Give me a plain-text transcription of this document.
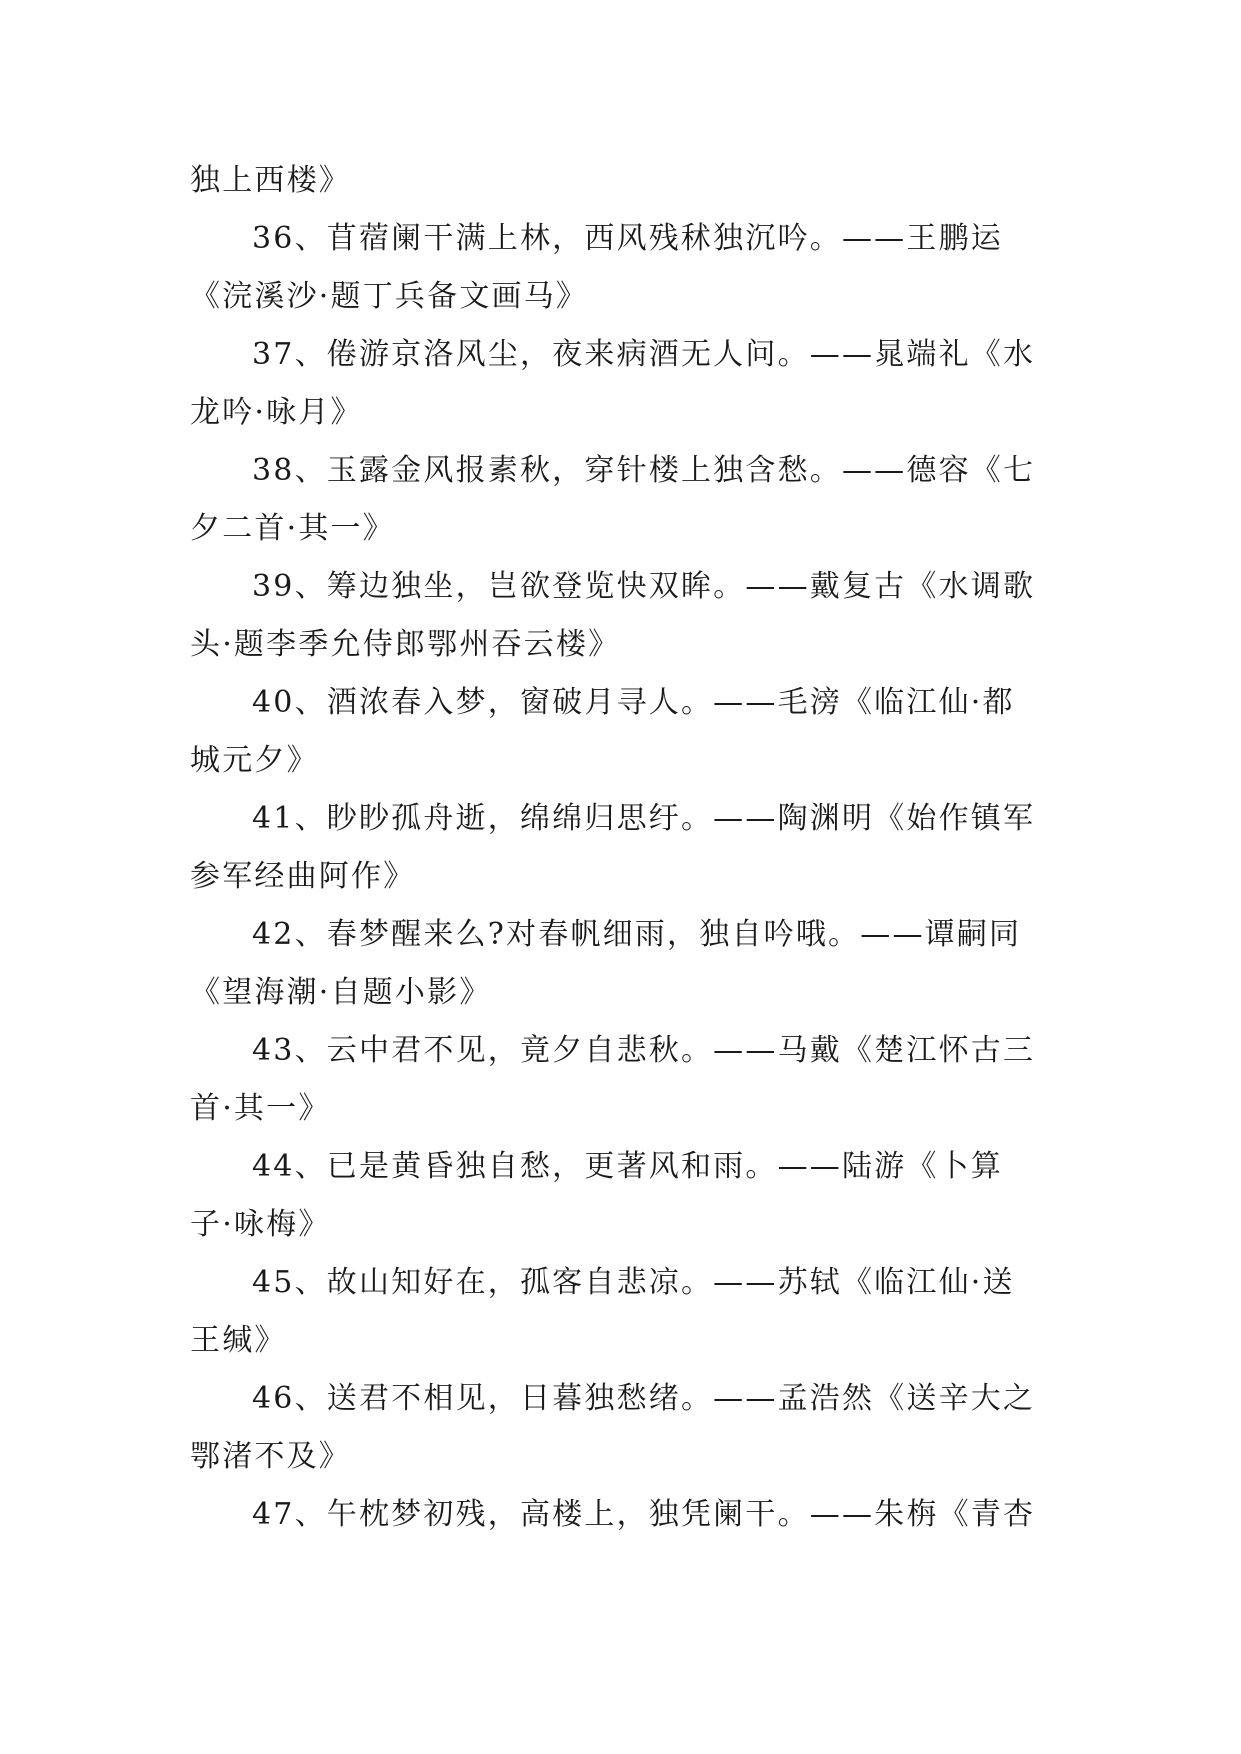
独上西楼》
36、苜蓿阑干满上林，西风残秫独沉吟。——王鹏运
《浣溪沙·题丁兵备文画马》
37、倦游京洛风尘，夜来病酒无人问。——晁端礼《水
龙吟·咏月》
38、玉露金风报素秋，穿针楼上独含愁。——德容《七
夕二首·其一》
39、筹边独坐，岂欲登览快双眸。——戴复古《水调歌
头·题李季允侍郎鄂州吞云楼》
40、酒浓春入梦，窗破月寻人。——毛滂《临江仙·都
城元夕》
41、眇眇孤舟逝，绵绵归思纡。——陶渊明《始作镇军
参军经曲阿作》
42、春梦醒来么?对春帆细雨，独自吟哦。——谭嗣同
《望海潮·自题小影》
43、云中君不见，竟夕自悲秋。——马戴《楚江怀古三
首·其一》
44、已是黄昏独自愁，更著风和雨。——陆游《卜算
子·咏梅》
45、故山知好在，孤客自悲凉。——苏轼《临江仙·送
王缄》
46、送君不相见，日暮独愁绪。——孟浩然《送辛大之
鄂渚不及》
47、午枕梦初残，高楼上，独凭阑干。——朱栴《青杏
